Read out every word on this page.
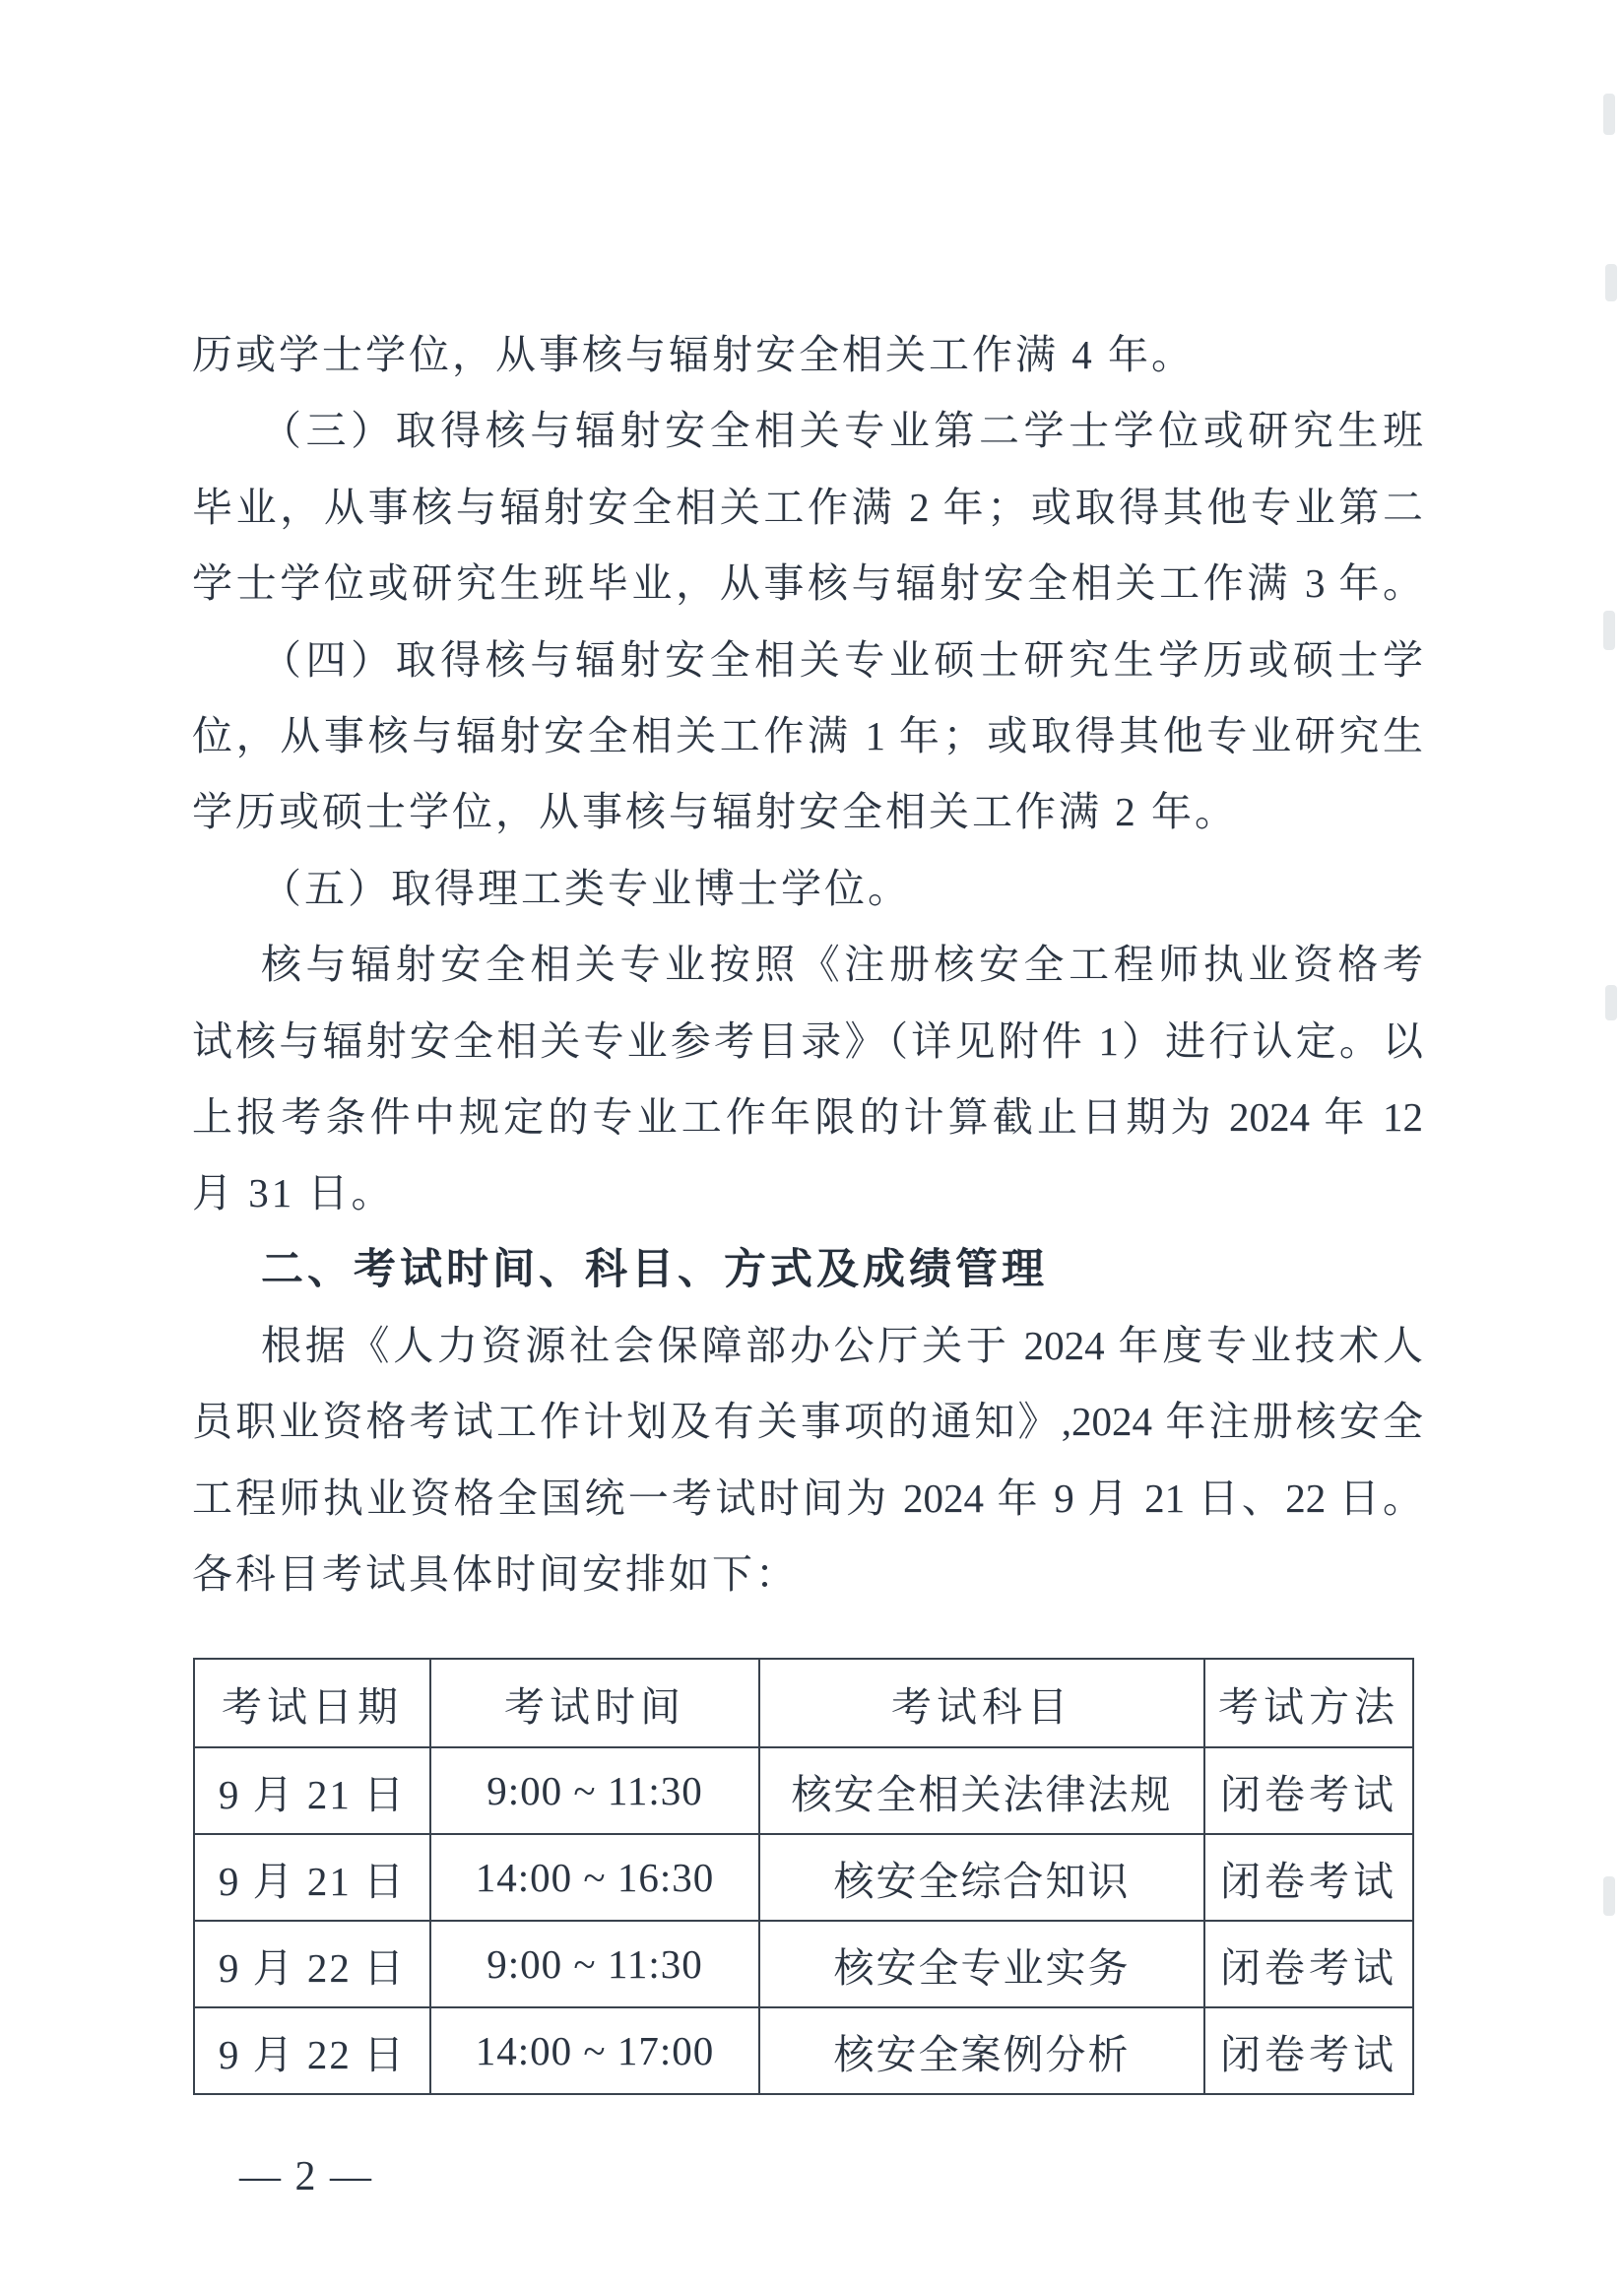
历或学士学位，从事核与辐射安全相关工作满 4 年。
（三）取得核与辐射安全相关专业第二学士学位或研究生班
毕业，从事核与辐射安全相关工作满 2 年；或取得其他专业第二
学士学位或研究生班毕业，从事核与辐射安全相关工作满 3 年。
（四）取得核与辐射安全相关专业硕士研究生学历或硕士学
位，从事核与辐射安全相关工作满 1 年；或取得其他专业研究生
学历或硕士学位，从事核与辐射安全相关工作满 2 年。
（五）取得理工类专业博士学位。
核与辐射安全相关专业按照《注册核安全工程师执业资格考
试核与辐射安全相关专业参考目录》（详见附件 1）进行认定。以
上报考条件中规定的专业工作年限的计算截止日期为 2024 年 12
月 31 日。
二、考试时间、科目、方式及成绩管理
根据《人力资源社会保障部办公厅关于 2024 年度专业技术人
员职业资格考试工作计划及有关事项的通知》,2024 年注册核安全
工程师执业资格全国统一考试时间为 2024 年 9 月 21 日、22 日。
各科目考试具体时间安排如下：
考试日期	考试时间	考试科目	考试方法
9 月 21 日	9:00 ~ 11:30	核安全相关法律法规	闭卷考试
9 月 21 日	14:00 ~ 16:30	核安全综合知识	闭卷考试
9 月 22 日	9:00 ~ 11:30	核安全专业实务	闭卷考试
9 月 22 日	14:00 ~ 17:00	核安全案例分析	闭卷考试
— 2 —
